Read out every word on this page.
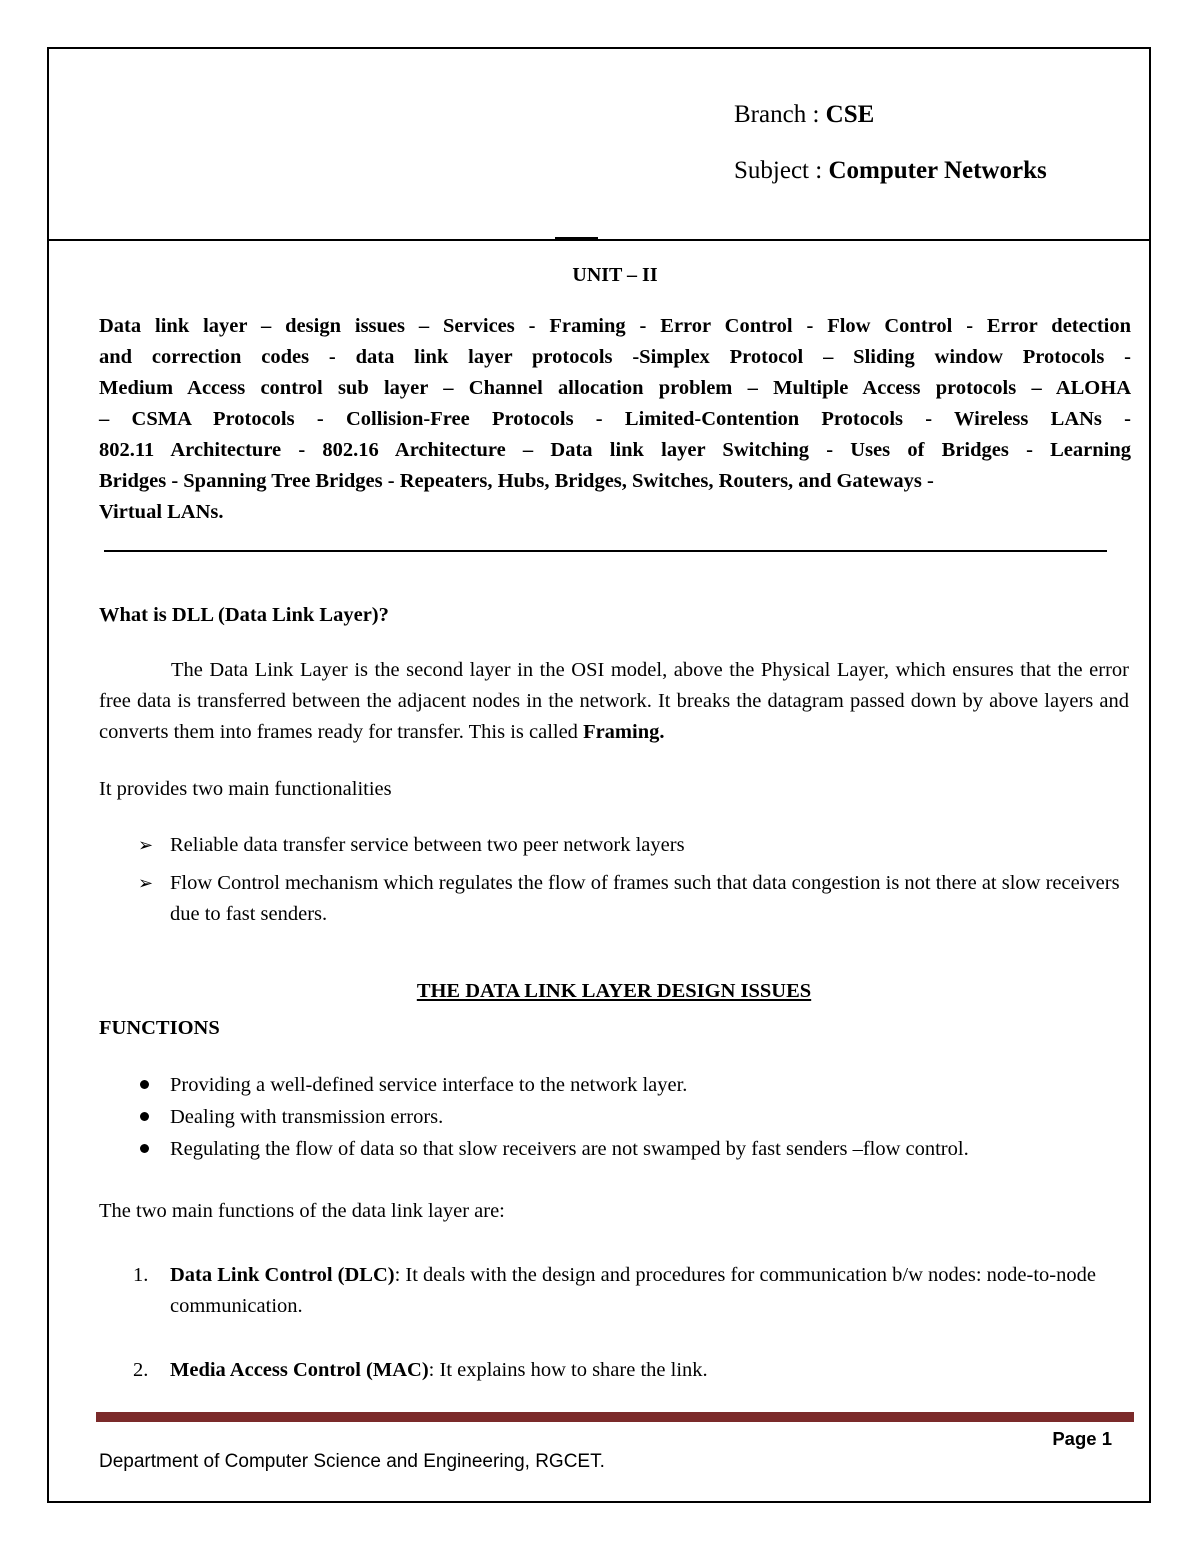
Branch : CSE
Subject : Computer Networks
UNIT – II
Data link layer – design issues – Services - Framing - Error Control - Flow Control - Error detection
and correction codes - data link layer protocols -Simplex Protocol – Sliding window Protocols -
Medium Access control sub layer – Channel allocation problem – Multiple Access protocols – ALOHA
– CSMA Protocols - Collision-Free Protocols - Limited-Contention Protocols - Wireless LANs -
802.11 Architecture - 802.16 Architecture – Data link layer Switching - Uses of Bridges - Learning
Bridges - Spanning Tree Bridges - Repeaters, Hubs, Bridges, Switches, Routers, and Gateways -
Virtual LANs.
What is DLL (Data Link Layer)?
The Data Link Layer is the second layer in the OSI model, above the Physical Layer, which ensures that the error free data is transferred between the adjacent nodes in the network. It breaks the datagram passed down by above layers and converts them into frames ready for transfer. This is called Framing.
It provides two main functionalities
➢ Reliable data transfer service between two peer network layers
➢ Flow Control mechanism which regulates the flow of frames such that data congestion is not there at slow receivers due to fast senders.
THE DATA LINK LAYER DESIGN ISSUES
FUNCTIONS
Providing a well-defined service interface to the network layer.
Dealing with transmission errors.
Regulating the flow of data so that slow receivers are not swamped by fast senders –flow control.
The two main functions of the data link layer are:
1.	Data Link Control (DLC): It deals with the design and procedures for communication b/w nodes: node-to-node communication.
2.	Media Access Control (MAC): It explains how to share the link.
Page 1
Department of Computer Science and Engineering, RGCET.
